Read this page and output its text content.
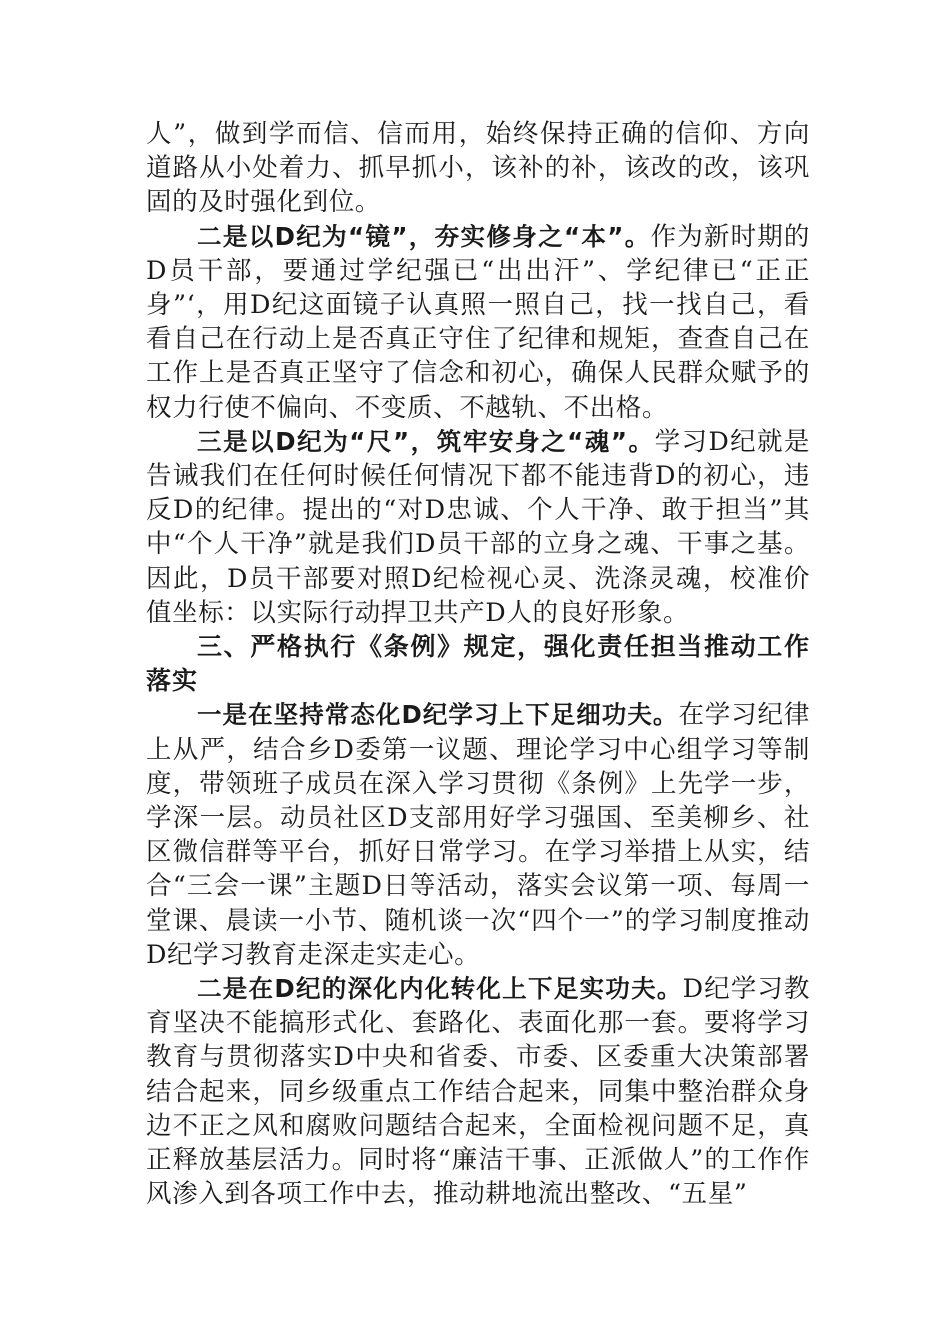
人”，做到学而信、信而用，始终保持正确的信仰、方向道路从小处着力、抓早抓小，该补的补，该改的改，该巩固的及时强化到位。

二是以D纪为“镜”，夯实修身之“本”。作为新时期的D员干部，要通过学纪强已“出出汗”、学纪律已“正正身”‘，用D纪这面镜子认真照一照自己，找一找自己，看看自己在行动上是否真正守住了纪律和规矩，查查自己在工作上是否真正坚守了信念和初心，确保人民群众赋予的权力行使不偏向、不变质、不越轨、不出格。

三是以D纪为“尺”，筑牢安身之“魂”。学习D纪就是告诫我们在任何时候任何情况下都不能违背D的初心，违反D的纪律。提出的“对D忠诚、个人干净、敢于担当”其中“个人干净”就是我们D员干部的立身之魂、干事之基。因此，D员干部要对照D纪检视心灵、洗涤灵魂，校准价值坐标：以实际行动捍卫共产D人的良好形象。

三、严格执行《条例》规定，强化责任担当推动工作落实

一是在坚持常态化D纪学习上下足细功夫。在学习纪律上从严，结合乡D委第一议题、理论学习中心组学习等制度，带领班子成员在深入学习贯彻《条例》上先学一步，学深一层。动员社区D支部用好学习强国、至美柳乡、社区微信群等平台，抓好日常学习。在学习举措上从实，结合“三会一课”主题D日等活动，落实会议第一项、每周一堂课、晨读一小节、随机谈一次“四个一”的学习制度推动D纪学习教育走深走实走心。

二是在D纪的深化内化转化上下足实功夫。D纪学习教育坚决不能搞形式化、套路化、表面化那一套。要将学习教育与贯彻落实D中央和省委、市委、区委重大决策部署结合起来，同乡级重点工作结合起来，同集中整治群众身边不正之风和腐败问题结合起来，全面检视问题不足，真正释放基层活力。同时将“廉洁干事、正派做人”的工作作风渗入到各项工作中去，推动耕地流出整改、“五星”
